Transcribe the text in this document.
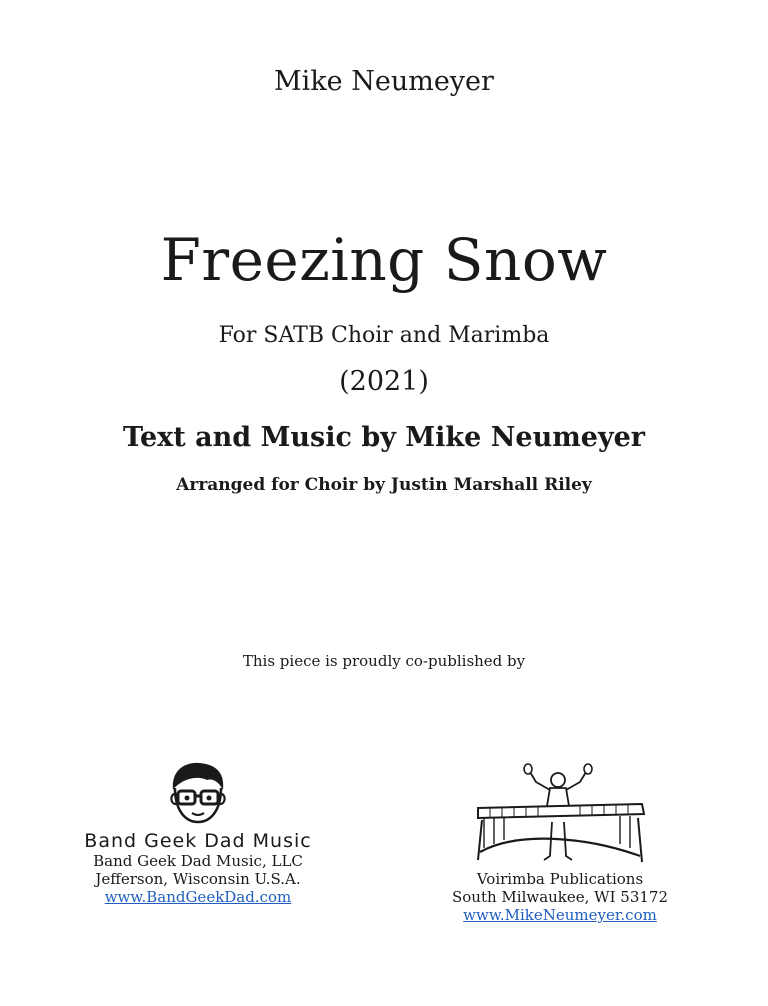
Mike Neumeyer
Freezing Snow
For SATB Choir and Marimba
(2021)
Text and Music by Mike Neumeyer
Arranged for Choir by Justin Marshall Riley
This piece is proudly co-published by
Band Geek Dad Music
Band Geek Dad Music, LLC
Jefferson, Wisconsin U.S.A.
www.BandGeekDad.com
Voirimba Publications
South Milwaukee, WI 53172
www.MikeNeumeyer.com
